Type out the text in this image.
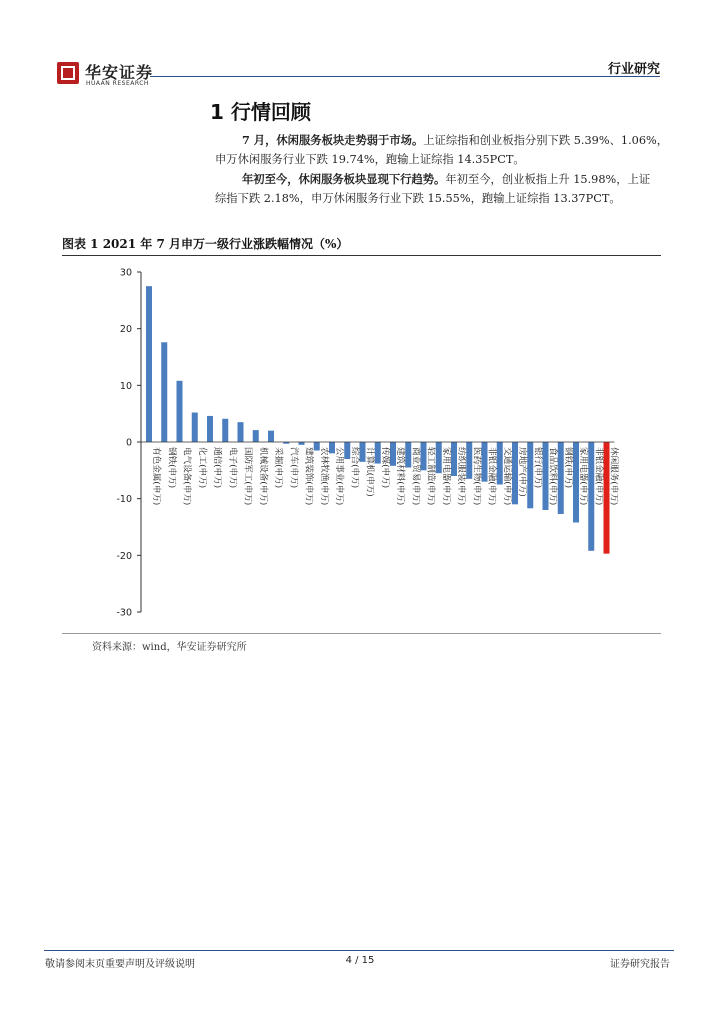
华安证券
HUAAN RESEARCH
行业研究
1 行情回顾
7 月，休闲服务板块走势弱于市场。上证综指和创业板指分别下跌 5.39%、1.06%，
申万休闲服务行业下跌 19.74%，跑输上证综指 14.35PCT。
年初至今，休闲服务板块显现下行趋势。年初至今，创业板指上升 15.98%，上证
综指下跌 2.18%，申万休闲服务行业下跌 15.55%，跑输上证综指 13.37PCT。
图表 1 2021 年 7 月申万一级行业涨跌幅情况（%）
30
20
10
0
-10
-20
-30
有色金属(申万) 钢铁(申万) 电气设备(申万) 化工(申万) 通信(申万) 电子(申万) 国防军工(申万) 机械设备(申万) 采掘(申万) 汽车(申万) 建筑装饰(申万) 农林牧渔(申万) 公用事业(申万) 综合(申万) 计算机(申万) 传媒(申万) 建筑材料(申万) 商业贸易(申万) 轻工制造(申万) 家用电器(申万) 纺织服装(申万) 医药生物(申万) 非银金融(申万) 交通运输(申万) 房地产(申万) 银行(申万) 食品饮料(申万) 钢铁(申万) 家用电器(申万) 非银金融(申万) 休闲服务(申万)
资料来源：wind，华安证券研究所
敬请参阅末页重要声明及评级说明	4 / 15	证券研究报告
